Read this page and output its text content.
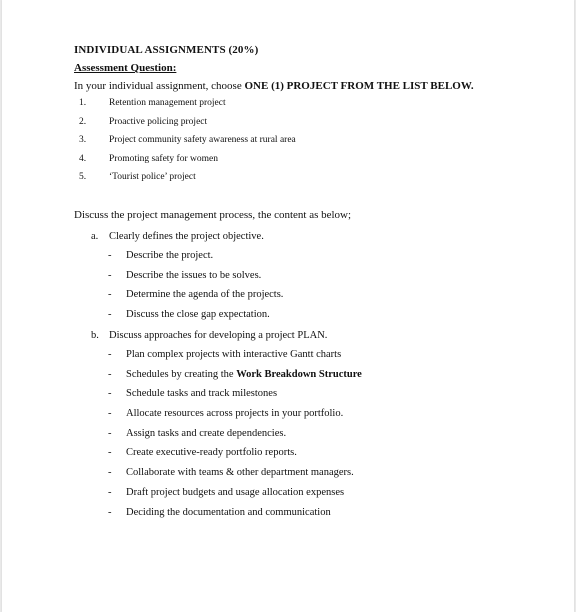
INDIVIDUAL ASSIGNMENTS (20%)
Assessment Question:
In your individual assignment, choose ONE (1) PROJECT FROM THE LIST BELOW.
1.	Retention management project
2.	Proactive policing project
3.	Project community safety awareness at rural area
4.	Promoting safety for women
5.	‘Tourist police’ project
Discuss the project management process, the content as below;
a. Clearly defines the project objective.
-	Describe the project.
-	Describe the issues to be solves.
-	Determine the agenda of the projects.
-	Discuss the close gap expectation.
b. Discuss approaches for developing a project PLAN.
-	Plan complex projects with interactive Gantt charts
-	Schedules by creating the Work Breakdown Structure
-	Schedule tasks and track milestones
-	Allocate resources across projects in your portfolio.
-	Assign tasks and create dependencies.
-	Create executive-ready portfolio reports.
-	Collaborate with teams & other department managers.
-	Draft project budgets and usage allocation expenses
-	Deciding the documentation and communication
